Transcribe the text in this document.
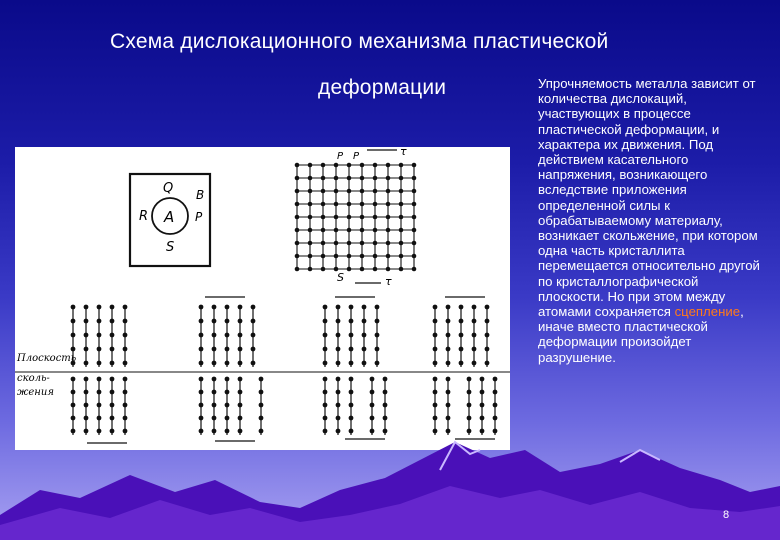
Схема дислокационного механизма пластической
деформации
Q B
R A P
S
P P	τ
S	τ
Плоскость
сколь-
жения
Упрочняемость металла зависит от количества дислокаций, участвующих в процессе пластической деформации, и характера их движения. Под действием касательного напряжения, возникающего вследствие приложения определенной силы к обрабатываемому материалу, возникает скольжение, при котором одна часть кристаллита перемещается относительно другой по кристаллографической плоскости. Но при этом между атомами сохраняется сцепление, иначе вместо пластической деформации произойдет разрушение.
8
